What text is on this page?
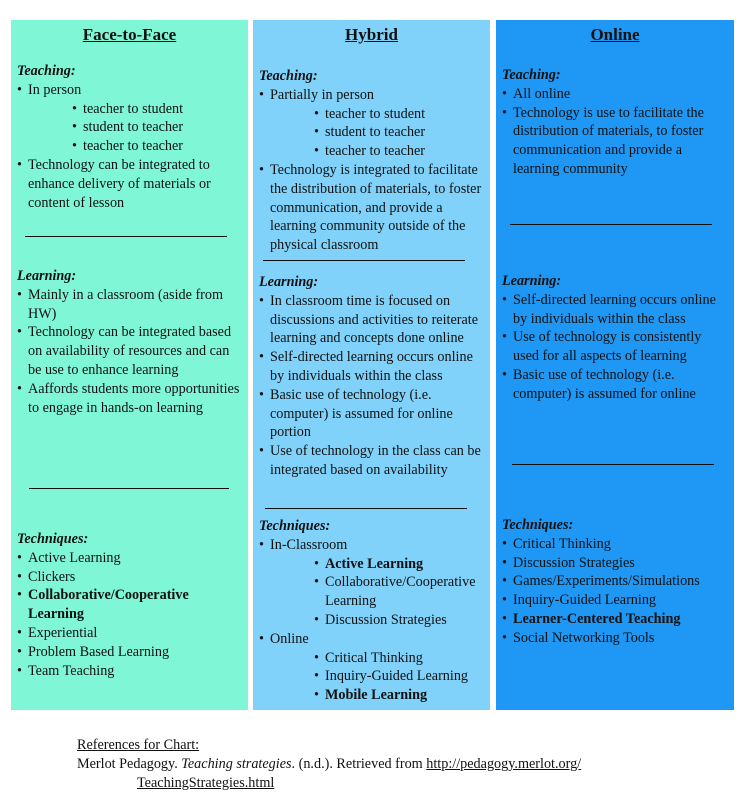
Face-to-Face
Teaching:
• In person
• teacher to student
• student to teacher
• teacher to teacher
• Technology can be integrated to enhance delivery of materials or content of lesson
Learning:
• Mainly in a classroom (aside from HW)
• Technology can be integrated based on availability of resources and can be use to enhance learning
• Aaffords students more opportunities to engage in hands-on learning
Techniques:
• Active Learning
• Clickers
• Collaborative/Cooperative Learning
• Experiential
• Problem Based Learning
• Team Teaching
Hybrid
Teaching:
• Partially in person
• teacher to student
• student to teacher
• teacher to teacher
• Technology is integrated to facilitate the distribution of materials, to foster communication, and provide a learning community outside of the physical classroom
Learning:
• In classroom time is focused on discussions and activities to reiterate learning and concepts done online
• Self-directed learning occurs online by individuals within the class
• Basic use of technology (i.e. computer) is assumed for online portion
• Use of technology in the class can be integrated based on availability
Techniques:
• In-Classroom
• Active Learning
• Collaborative/Cooperative Learning
• Discussion Strategies
• Online
• Critical Thinking
• Inquiry-Guided Learning
• Mobile Learning
Online
Teaching:
• All online
• Technology is use to facilitate the distribution of materials, to foster communication and provide a learning community
Learning:
• Self-directed learning occurs online by individuals within the class
• Use of technology is consistently used for all aspects of learning
• Basic use of technology (i.e. computer) is assumed for online
Techniques:
• Critical Thinking
• Discussion Strategies
• Games/Experiments/Simulations
• Inquiry-Guided Learning
• Learner-Centered Teaching
• Social Networking Tools
References for Chart:
Merlot Pedagogy. Teaching strategies. (n.d.). Retrieved from http://pedagogy.merlot.org/
TeachingStrategies.html
